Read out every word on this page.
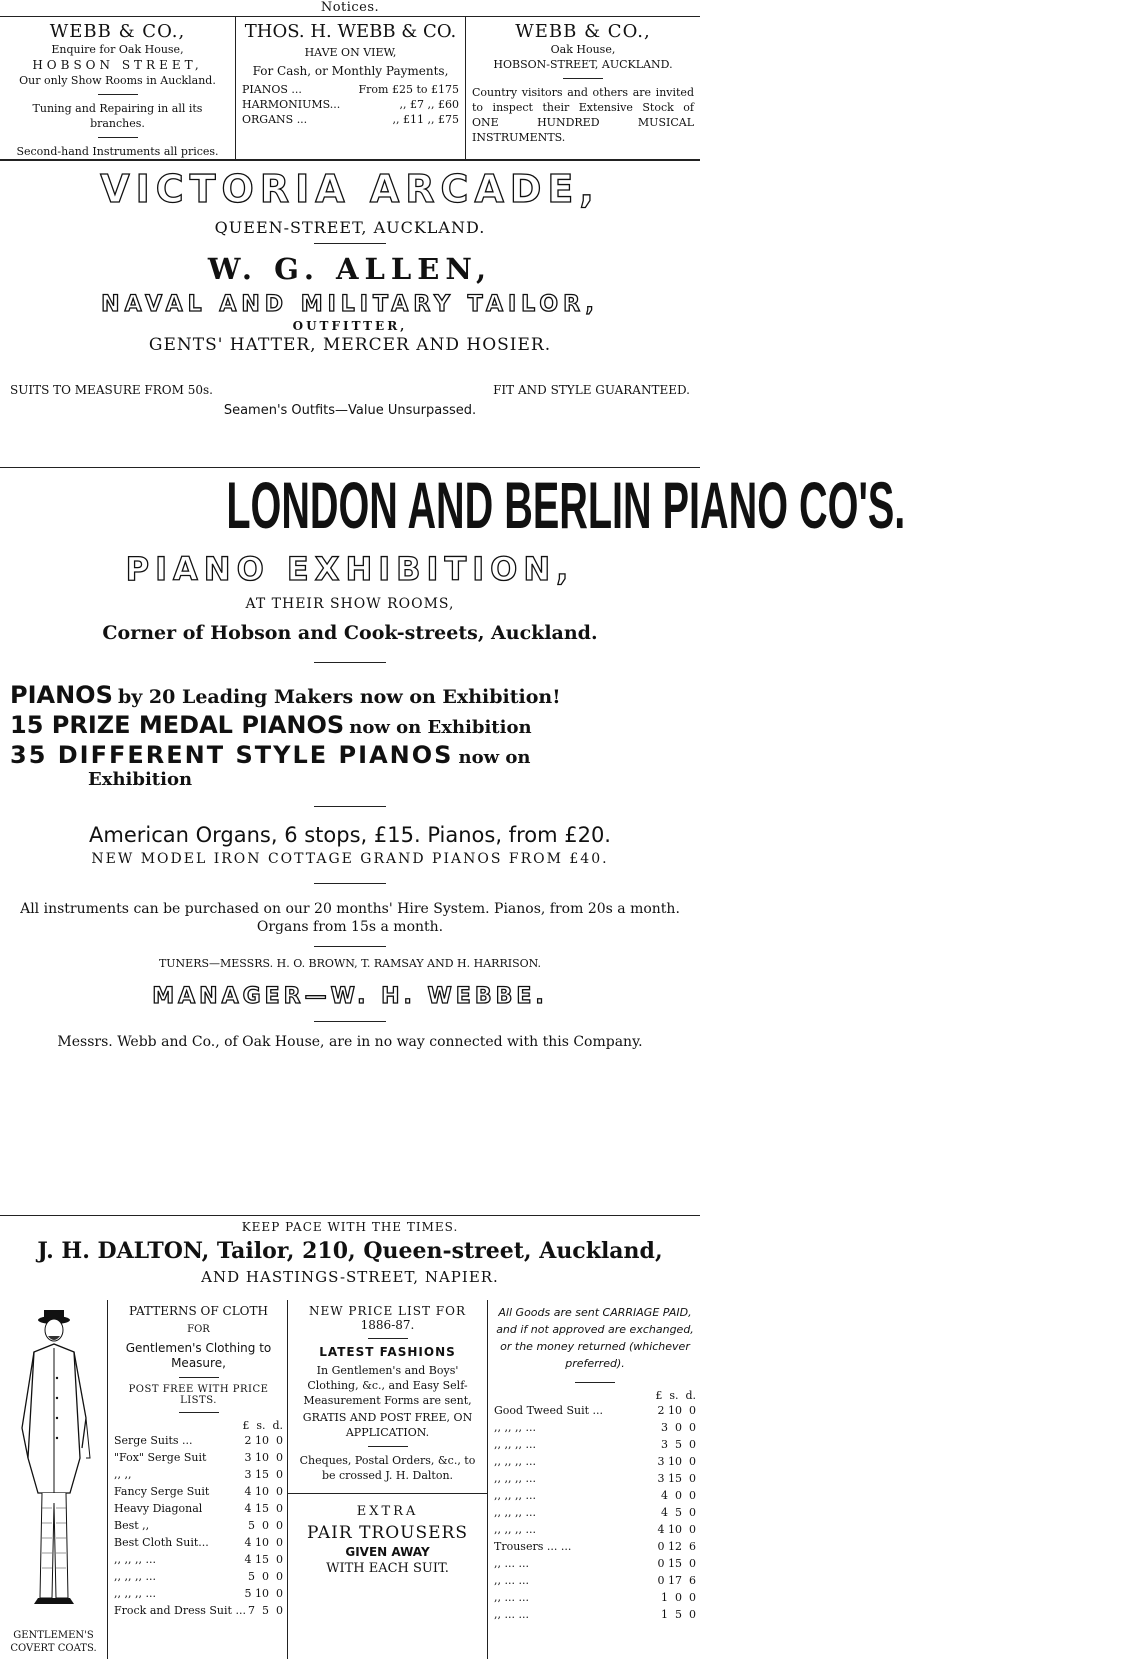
Notices.
WEBB & CO.,
Enquire for Oak House,
HOBSON STREET,
Our only Show Rooms in Auckland.
Tuning and Repairing in all its branches.
Second-hand Instruments all prices.
THOS. H. WEBB & CO.
HAVE ON VIEW,
For Cash, or Monthly Payments,
PIANOS ...	From £25 to £175
HARMONIUMS...	,, £7 ,, £60
ORGANS ...	,, £11 ,, £75
WEBB & CO.,
Oak House,
HOBSON-STREET, AUCKLAND.
Country visitors and others are invited to inspect their Extensive Stock of ONE HUNDRED MUSICAL INSTRUMENTS.
VICTORIA ARCADE,
QUEEN-STREET, AUCKLAND.
W. G. ALLEN,
NAVAL AND MILITARY TAILOR,
OUTFITTER,
GENTS' HATTER, MERCER AND HOSIER.
SUITS TO MEASURE FROM 50s.	FIT AND STYLE GUARANTEED.
Seamen's Outfits—Value Unsurpassed.
LONDON AND BERLIN PIANO CO'S.
PIANO EXHIBITION,
AT THEIR SHOW ROOMS,
Corner of Hobson and Cook-streets, Auckland.
PIANOS by 20 Leading Makers now on Exhibition!
15 PRIZE MEDAL PIANOS now on Exhibition
35 DIFFERENT STYLE PIANOS now on
Exhibition
American Organs, 6 stops, £15. Pianos, from £20.
NEW MODEL IRON COTTAGE GRAND PIANOS FROM £40.
All instruments can be purchased on our 20 months' Hire System. Pianos, from 20s a month. Organs from 15s a month.
TUNERS—MESSRS. H. O. BROWN, T. RAMSAY AND H. HARRISON.
MANAGER—W. H. WEBBE.
Messrs. Webb and Co., of Oak House, are in no way connected with this Company.
KEEP PACE WITH THE TIMES.
J. H. DALTON, Tailor, 210, Queen-street, Auckland,
AND HASTINGS-STREET, NAPIER.
GENTLEMEN'S
COVERT COATS.
PATTERNS OF CLOTH
FOR
Gentlemen's Clothing to Measure,
POST FREE WITH PRICE LISTS.
£  s.  d.
Serge Suits ...	2 10  0
"Fox" Serge Suit	3 10  0
,, ,,	3 15  0
Fancy Serge Suit	4 10  0
Heavy Diagonal	4 15  0
Best ,,	5  0  0
Best Cloth Suit...	4 10  0
,, ,, ,, ...	4 15  0
,, ,, ,, ...	5  0  0
,, ,, ,, ...	5 10  0
Frock and Dress Suit ... 7  5  0
NEW PRICE LIST FOR
1886-87.
LATEST FASHIONS
In Gentlemen's and Boys' Clothing, &c., and Easy Self-Measurement Forms are sent,
GRATIS AND POST FREE, ON APPLICATION.
Cheques, Postal Orders, &c., to be crossed J. H. Dalton.
EXTRA
PAIR TROUSERS
GIVEN AWAY
WITH EACH SUIT.
All Goods are sent CARRIAGE PAID, and if not approved are exchanged, or the money returned (whichever preferred).
£  s.  d.
Good Tweed Suit ...	2 10  0
,, ,, ,, ...	3  0  0
,, ,, ,, ...	3  5  0
,, ,, ,, ...	3 10  0
,, ,, ,, ...	3 15  0
,, ,, ,, ...	4  0  0
,, ,, ,, ...	4  5  0
,, ,, ,, ...	4 10  0
Trousers ... ...	0 12  6
,, ... ...	0 15  0
,, ... ...	0 17  6
,, ... ...	1  0  0
,, ... ...	1  5  0
